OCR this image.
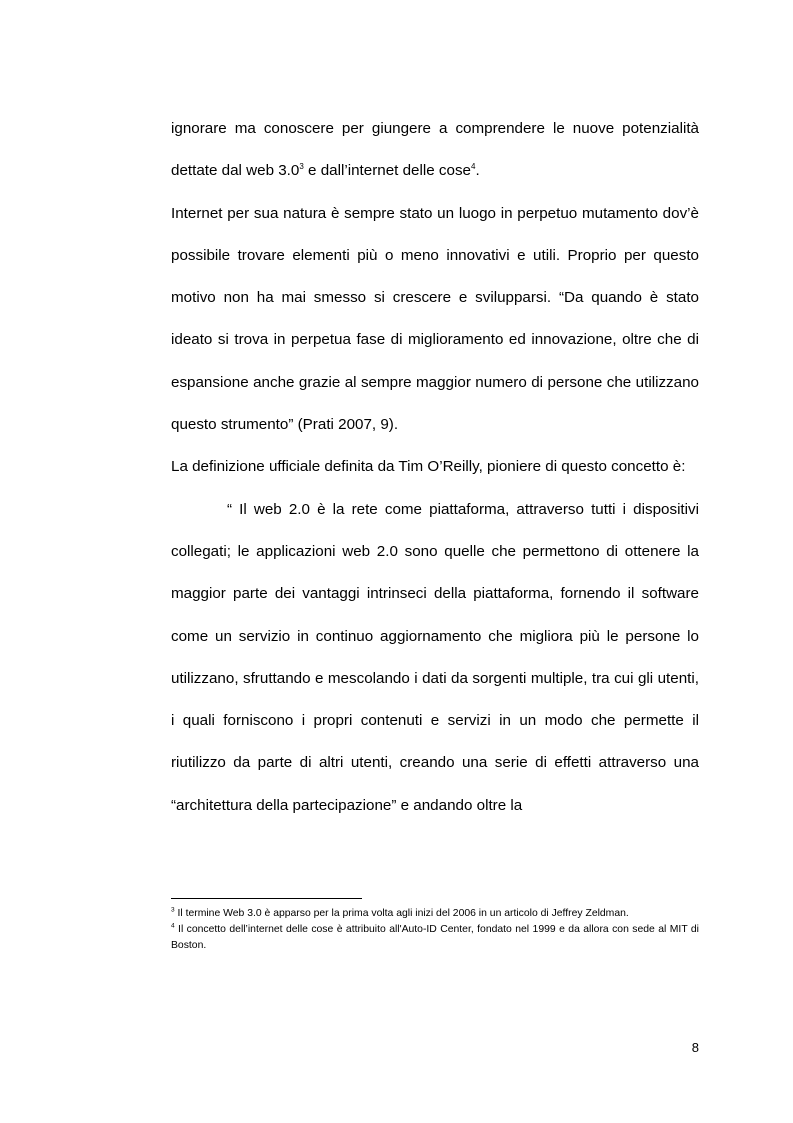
ignorare ma conoscere per giungere a comprendere le nuove potenzialità dettate dal web $3.0^3$ e dall’internet delle cose$^4$.

Internet per sua natura è sempre stato un luogo in perpetuo mutamento dov’è possibile trovare elementi più o meno innovativi e utili. Proprio per questo motivo non ha mai smesso si crescere e svilupparsi. “Da quando è stato ideato si trova in perpetua fase di miglioramento ed innovazione, oltre che di espansione anche grazie al sempre maggior numero di persone che utilizzano questo strumento” (Prati 2007, 9).

La definizione ufficiale definita da Tim O’Reilly, pioniere di questo concetto è:

“ Il web 2.0 è la rete come piattaforma, attraverso tutti i dispositivi collegati; le applicazioni web 2.0 sono quelle che permettono di ottenere la maggior parte dei vantaggi intrinseci della piattaforma, fornendo il software come un servizio in continuo aggiornamento che migliora più le persone lo utilizzano, sfruttando e mescolando i dati da sorgenti multiple, tra cui gli utenti, i quali forniscono i propri contenuti e servizi in un modo che permette il riutilizzo da parte di altri utenti, creando una serie di effetti attraverso una “architettura della partecipazione” e andando oltre la

$^3$ Il termine Web 3.0 è apparso per la prima volta agli inizi del 2006 in un articolo di Jeffrey Zeldman.

$^4$ Il concetto dell’internet delle cose è attribuito all'Auto-ID Center, fondato nel 1999 e da allora con sede al MIT di Boston.

8
